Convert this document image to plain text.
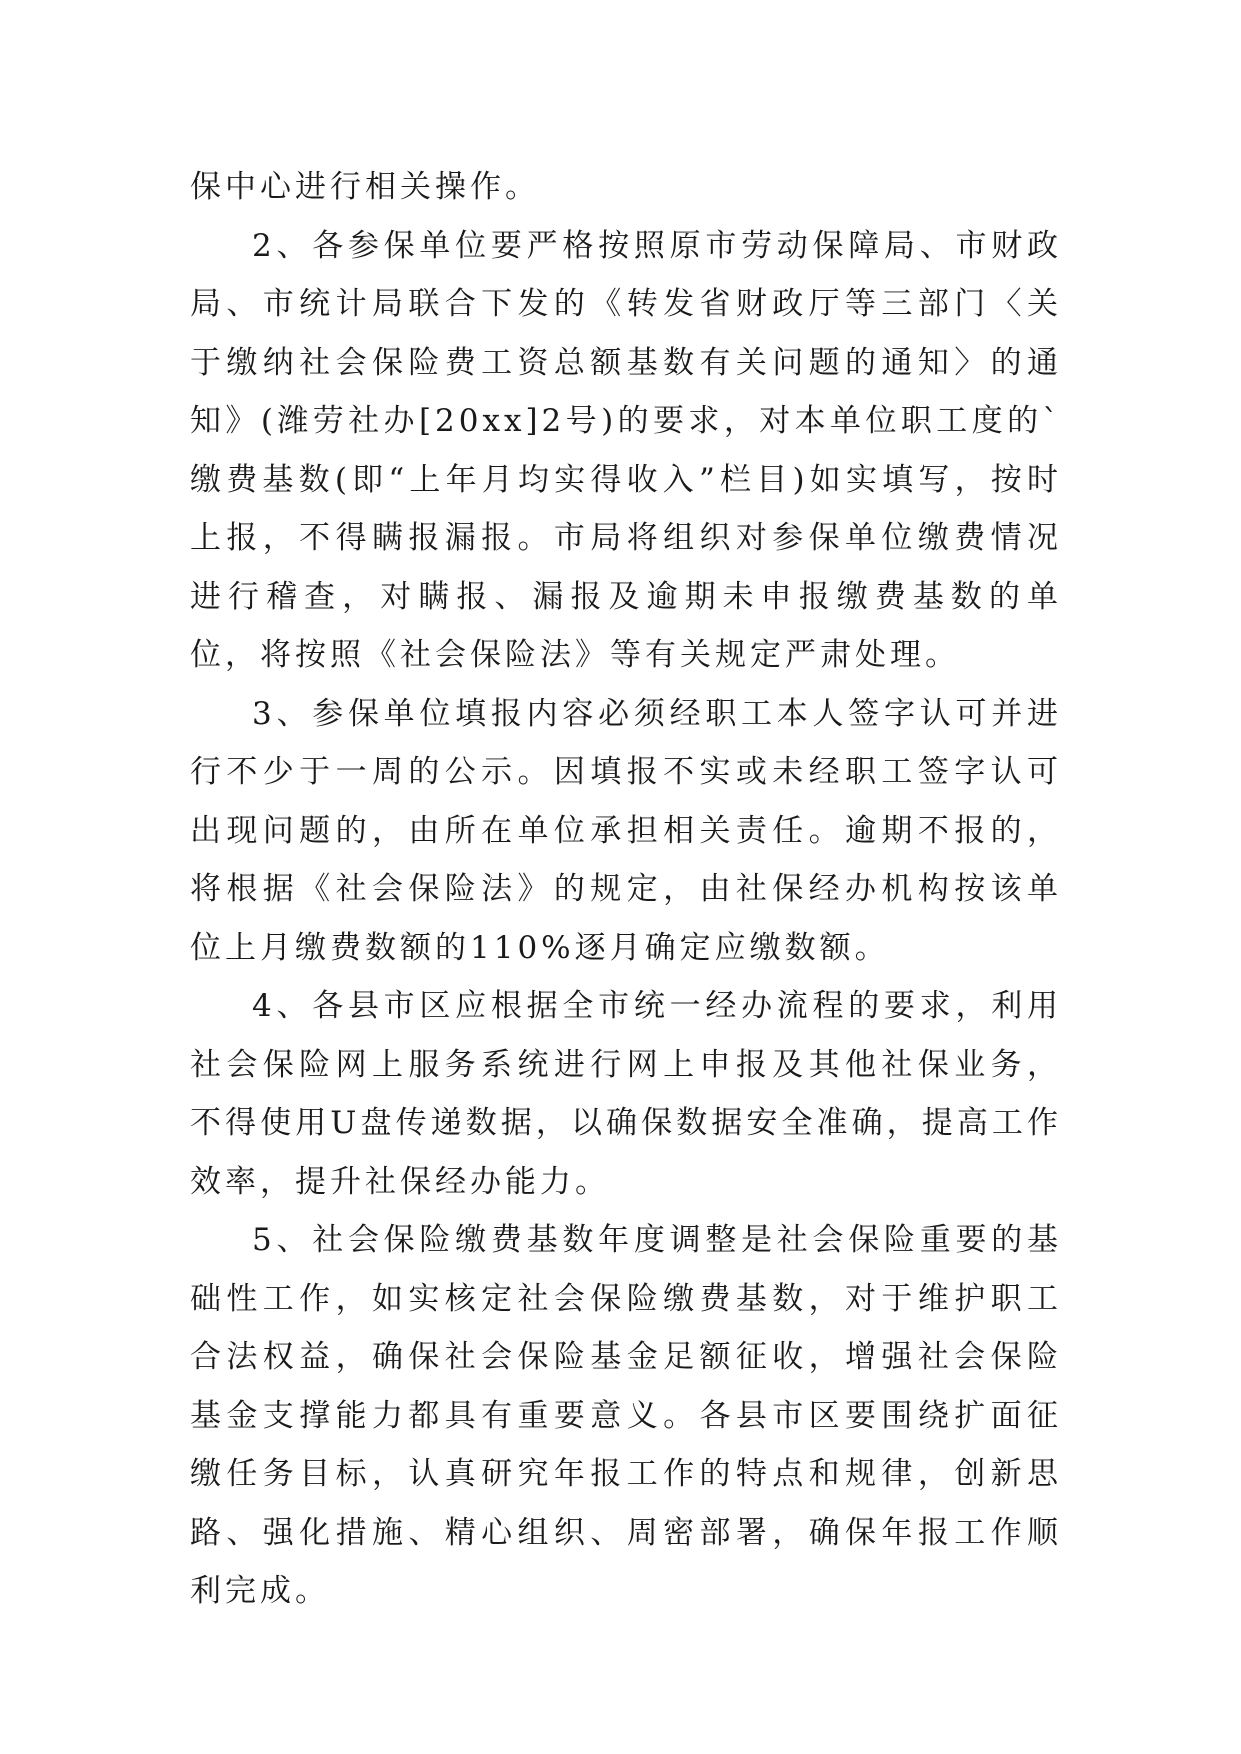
保中心进行相关操作。

2、各参保单位要严格按照原市劳动保障局、市财政局、市统计局联合下发的《转发省财政厅等三部门〈关于缴纳社会保险费工资总额基数有关问题的通知〉的通知》(潍劳社办[20xx]2号)的要求，对本单位职工度的`缴费基数(即“上年月均实得收入”栏目)如实填写，按时上报，不得瞒报漏报。市局将组织对参保单位缴费情况进行稽查，对瞒报、漏报及逾期未申报缴费基数的单位，将按照《社会保险法》等有关规定严肃处理。

3、参保单位填报内容必须经职工本人签字认可并进行不少于一周的公示。因填报不实或未经职工签字认可出现问题的，由所在单位承担相关责任。逾期不报的，将根据《社会保险法》的规定，由社保经办机构按该单位上月缴费数额的110%逐月确定应缴数额。

4、各县市区应根据全市统一经办流程的要求，利用社会保险网上服务系统进行网上申报及其他社保业务，不得使用U盘传递数据，以确保数据安全准确，提高工作效率，提升社保经办能力。

5、社会保险缴费基数年度调整是社会保险重要的基础性工作，如实核定社会保险缴费基数，对于维护职工合法权益，确保社会保险基金足额征收，增强社会保险基金支撑能力都具有重要意义。各县市区要围绕扩面征缴任务目标，认真研究年报工作的特点和规律，创新思路、强化措施、精心组织、周密部署，确保年报工作顺利完成。
